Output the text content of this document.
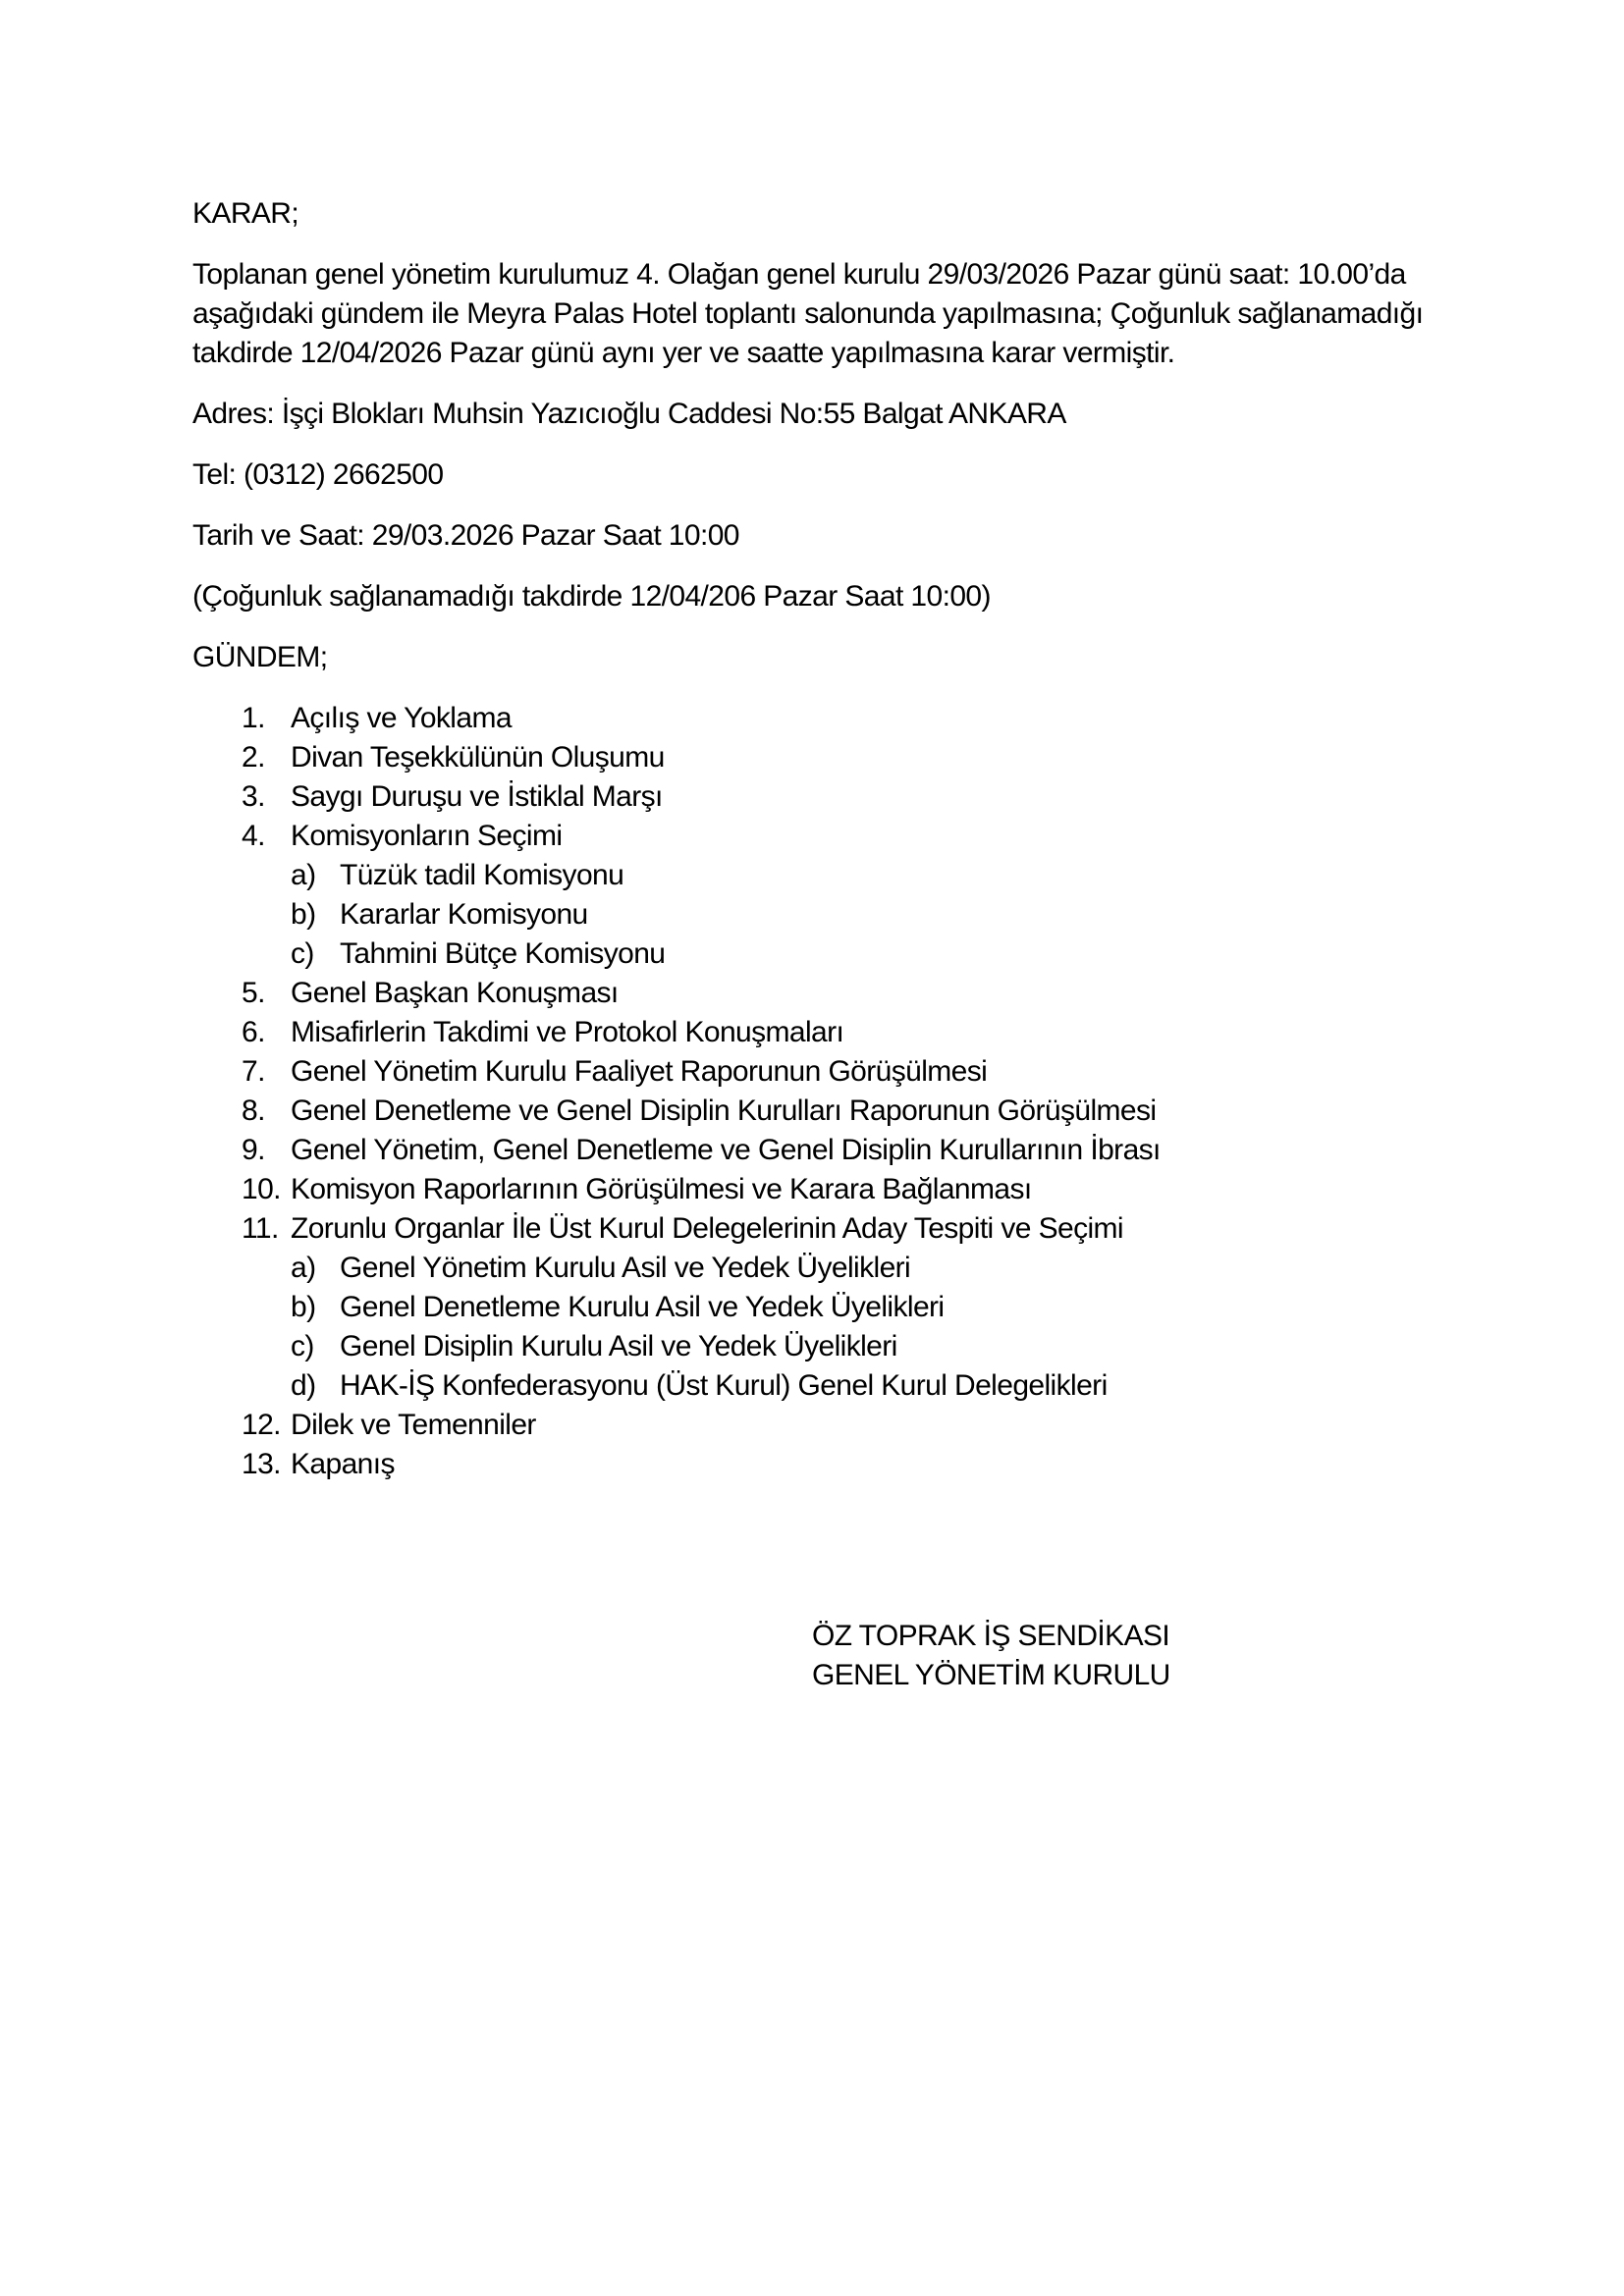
KARAR;

Toplanan genel yönetim kurulumuz 4. Olağan genel kurulu 29/03/2026 Pazar günü saat: 10.00’da
aşağıdaki gündem ile Meyra Palas Hotel toplantı salonunda yapılmasına; Çoğunluk sağlanamadığı
takdirde 12/04/2026 Pazar günü aynı yer ve saatte yapılmasına karar vermiştir.

Adres: İşçi Blokları Muhsin Yazıcıoğlu Caddesi No:55 Balgat ANKARA

Tel: (0312) 2662500

Tarih ve Saat: 29/03.2026 Pazar Saat 10:00

(Çoğunluk sağlanamadığı takdirde 12/04/206 Pazar Saat 10:00)

GÜNDEM;

1. Açılış ve Yoklama
2. Divan Teşekkülünün Oluşumu
3. Saygı Duruşu ve İstiklal Marşı
4. Komisyonların Seçimi
a) Tüzük tadil Komisyonu
b) Kararlar Komisyonu
c) Tahmini Bütçe Komisyonu
5. Genel Başkan Konuşması
6. Misafirlerin Takdimi ve Protokol Konuşmaları
7. Genel Yönetim Kurulu Faaliyet Raporunun Görüşülmesi
8. Genel Denetleme ve Genel Disiplin Kurulları Raporunun Görüşülmesi
9. Genel Yönetim, Genel Denetleme ve Genel Disiplin Kurullarının İbrası
10. Komisyon Raporlarının Görüşülmesi ve Karara Bağlanması
11. Zorunlu Organlar İle Üst Kurul Delegelerinin Aday Tespiti ve Seçimi
a) Genel Yönetim Kurulu Asil ve Yedek Üyelikleri
b) Genel Denetleme Kurulu Asil ve Yedek Üyelikleri
c) Genel Disiplin Kurulu Asil ve Yedek Üyelikleri
d) HAK-İŞ Konfederasyonu (Üst Kurul) Genel Kurul Delegelikleri
12. Dilek ve Temenniler
13. Kapanış
ÖZ TOPRAK İŞ SENDİKASI
GENEL YÖNETİM KURULU
